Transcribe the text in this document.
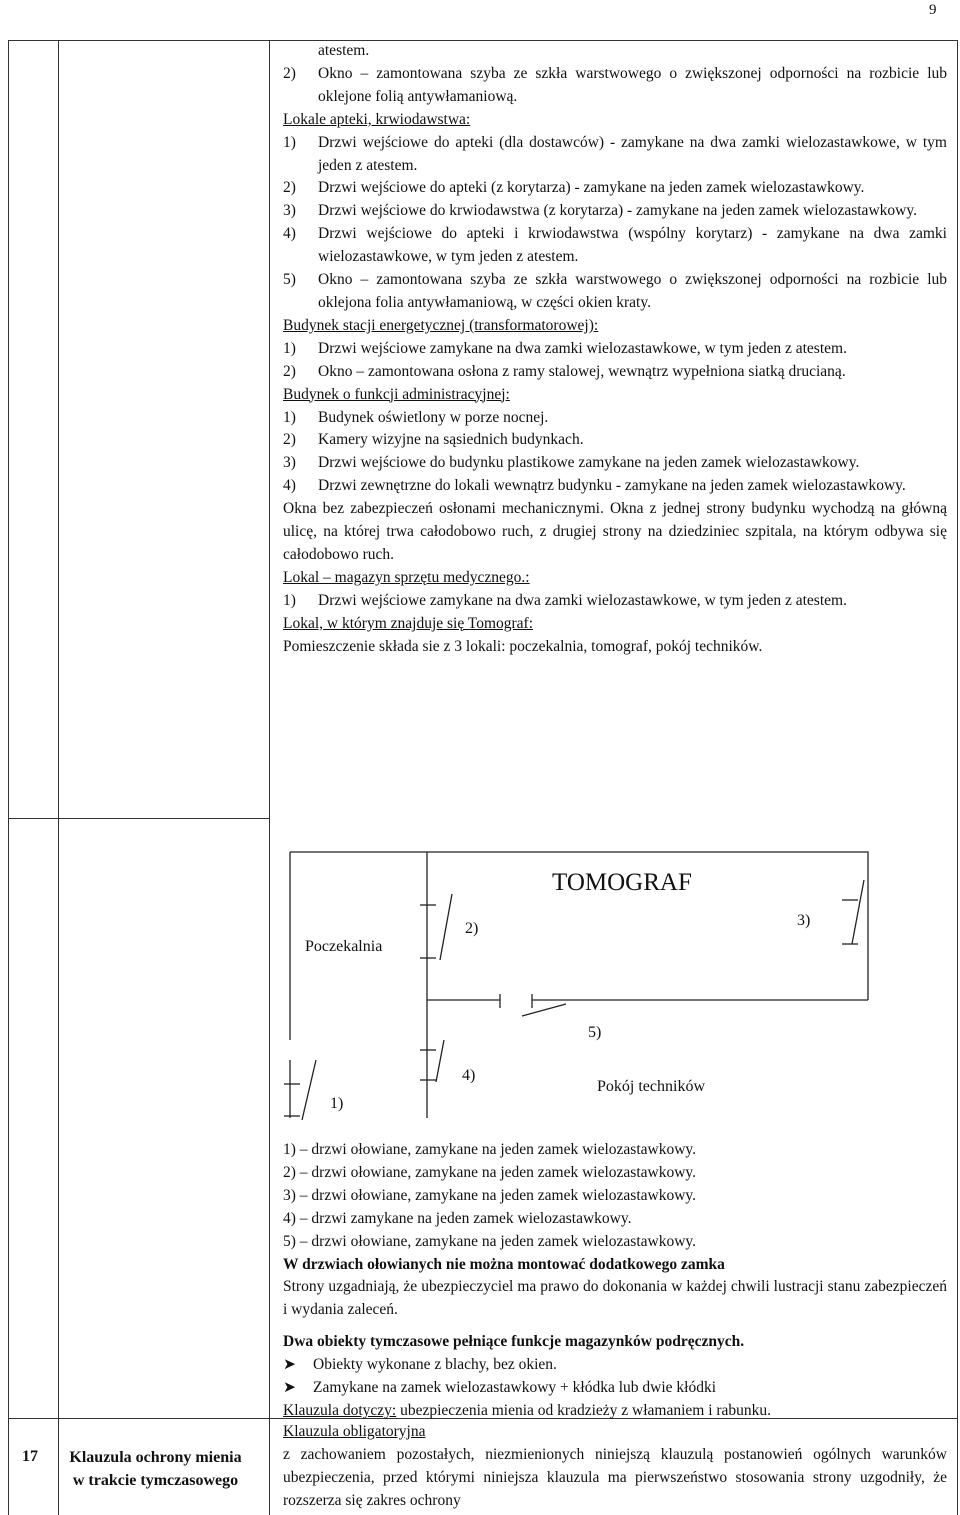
9
atestem.
2)	Okno – zamontowana szyba ze szkła warstwowego o zwiększonej odporności na rozbicie lub oklejone folią antywłamaniową.
Lokale apteki, krwiodawstwa:
1)	Drzwi wejściowe do apteki (dla dostawców) - zamykane na dwa zamki wielozastawkowe, w tym jeden z atestem.
2)	Drzwi wejściowe do apteki (z korytarza) - zamykane na jeden zamek wielozastawkowy.
3)	Drzwi wejściowe do krwiodawstwa (z korytarza) - zamykane na jeden zamek wielozastawkowy.
4)	Drzwi wejściowe do apteki i krwiodawstwa (wspólny korytarz) - zamykane na dwa zamki wielozastawkowe, w tym jeden z atestem.
5)	Okno – zamontowana szyba ze szkła warstwowego o zwiększonej odporności na rozbicie lub oklejona folia antywłamaniową, w części okien kraty.
Budynek stacji energetycznej (transformatorowej):
1)	Drzwi wejściowe zamykane na dwa zamki wielozastawkowe, w tym jeden z atestem.
2)	Okno – zamontowana osłona z ramy stalowej, wewnątrz wypełniona siatką drucianą.
Budynek o funkcji administracyjnej:
1)	Budynek oświetlony w porze nocnej.
2)	Kamery wizyjne na sąsiednich budynkach.
3)	Drzwi wejściowe do budynku plastikowe zamykane na jeden zamek wielozastawkowy.
4)	Drzwi zewnętrzne do lokali wewnątrz budynku - zamykane na jeden zamek wielozastawkowy.
Okna bez zabezpieczeń osłonami mechanicznymi. Okna z jednej strony budynku wychodzą na główną ulicę, na której trwa całodobowo ruch, z drugiej strony na dziedziniec szpitala, na którym odbywa się całodobowo ruch.
Lokal – magazyn sprzętu medycznego.:
1)	Drzwi wejściowe zamykane na dwa zamki wielozastawkowe, w tym jeden z atestem.
Lokal, w którym znajduje się Tomograf:
Pomieszczenie składa sie z 3 lokali: poczekalnia, tomograf, pokój techników.
TOMOGRAF
Poczekalnia
Pokój techników
1)
2)	3)
4)
5)
1) – drzwi ołowiane, zamykane na jeden zamek wielozastawkowy.
2) – drzwi ołowiane, zamykane na jeden zamek wielozastawkowy.
3) – drzwi ołowiane, zamykane na jeden zamek wielozastawkowy.
4) – drzwi zamykane na jeden zamek wielozastawkowy.
5) – drzwi ołowiane, zamykane na jeden zamek wielozastawkowy.
W drzwiach ołowianych nie można montować dodatkowego zamka
Strony uzgadniają, że ubezpieczyciel ma prawo do dokonania w każdej chwili lustracji stanu zabezpieczeń i wydania zaleceń.
Dwa obiekty tymczasowe pełniące funkcje magazynków podręcznych.
➤	Obiekty wykonane z blachy, bez okien.
➤	Zamykane na zamek wielozastawkowy + kłódka lub dwie kłódki
Klauzula dotyczy: ubezpieczenia mienia od kradzieży z włamaniem i rabunku.
17 Klauzula ochrony mienia w trakcie tymczasowego
Klauzula obligatoryjna
z zachowaniem pozostałych, niezmienionych niniejszą klauzulą postanowień ogólnych warunków ubezpieczenia, przed którymi niniejsza klauzula ma pierwszeństwo stosowania strony uzgodniły, że rozszerza się zakres ochrony
